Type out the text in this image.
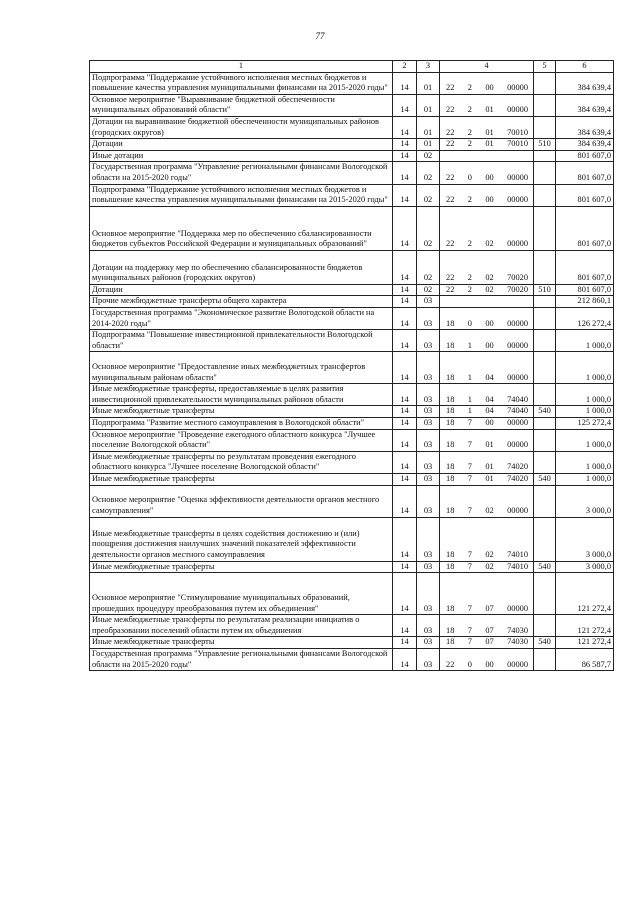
77
1	2	3	4	5	6
Подпрограмма "Поддержание устойчивого исполнения местных бюджетов и повышение качества управления муниципальными финансами на 2015-2020 годы"	14	01	22 2 00 00000		384 639,4
Основное мероприятие "Выравнивание бюджетной обеспеченности муниципальных образований области"	14	01	22 2 01 00000		384 639,4
Дотации на выравнивание бюджетной обеспеченности муниципальных районов (городских округов)	14	01	22 2 01 70010		384 639,4
Дотации	14	01	22 2 01 70010	510	384 639,4
Иные дотации	14	02			801 607,0
Государственная программа "Управление региональными финансами Вологодской области на 2015-2020 годы"	14	02	22 0 00 00000		801 607,0
Подпрограмма "Поддержание устойчивого исполнения местных бюджетов и повышение качества управления муниципальными финансами на 2015-2020 годы"	14	02	22 2 00 00000		801 607,0
Основное мероприятие "Поддержка мер по обеспечению сбалансированности бюджетов субъектов Российской Федерации и муниципальных образований"	14	02	22 2 02 00000		801 607,0
Дотации на поддержку мер по обеспечению сбалансированности бюджетов муниципальных районов (городских округов)	14	02	22 2 02 70020		801 607,0
Дотации	14	02	22 2 02 70020	510	801 607,0
Прочие межбюджетные трансферты общего характера	14	03			212 860,1
Государственная программа "Экономическое развитие Вологодской области на 2014-2020 годы"	14	03	18 0 00 00000		126 272,4
Подпрограмма "Повышение инвестиционной привлекательности Вологодской области"	14	03	18 1 00 00000		1 000,0
Основное мероприятие "Предоставление иных межбюджетных трансфертов муниципальным районам области"	14	03	18 1 04 00000		1 000,0
Иные межбюджетные трансферты, предоставляемые в целях развития инвестиционной привлекательности муниципальных районов области	14	03	18 1 04 74040		1 000,0
Иные межбюджетные трансферты	14	03	18 1 04 74040	540	1 000,0
Подпрограмма "Развитие местного самоуправления в Вологодской области"	14	03	18 7 00 00000		125 272,4
Основное мероприятие "Проведение ежегодного областного конкурса "Лучшее поселение Вологодской области"	14	03	18 7 01 00000		1 000,0
Иные межбюджетные трансферты по результатам проведения ежегодного областного конкурса "Лучшее поселение Вологодской области"	14	03	18 7 01 74020		1 000,0
Иные межбюджетные трансферты	14	03	18 7 01 74020	540	1 000,0
Основное мероприятие "Оценка эффективности деятельности органов местного самоуправления"	14	03	18 7 02 00000		3 000,0
Иные межбюджетные трансферты в целях содействия достижению и (или) поощрения достижения наилучших значений показателей эффективности деятельности органов местного самоуправления	14	03	18 7 02 74010		3 000,0
Иные межбюджетные трансферты	14	03	18 7 02 74010	540	3 000,0
Основное мероприятие "Стимулирование муниципальных образований, прошедших процедуру преобразования путем их объединения"	14	03	18 7 07 00000		121 272,4
Иные межбюджетные трансферты по результатам реализации инициатив о преобразовании поселений области путем их объединения	14	03	18 7 07 74030		121 272,4
Иные межбюджетные трансферты	14	03	18 7 07 74030	540	121 272,4
Государственная программа "Управление региональными финансами Вологодской области на 2015-2020 годы"	14	03	22 0 00 00000		86 587,7
